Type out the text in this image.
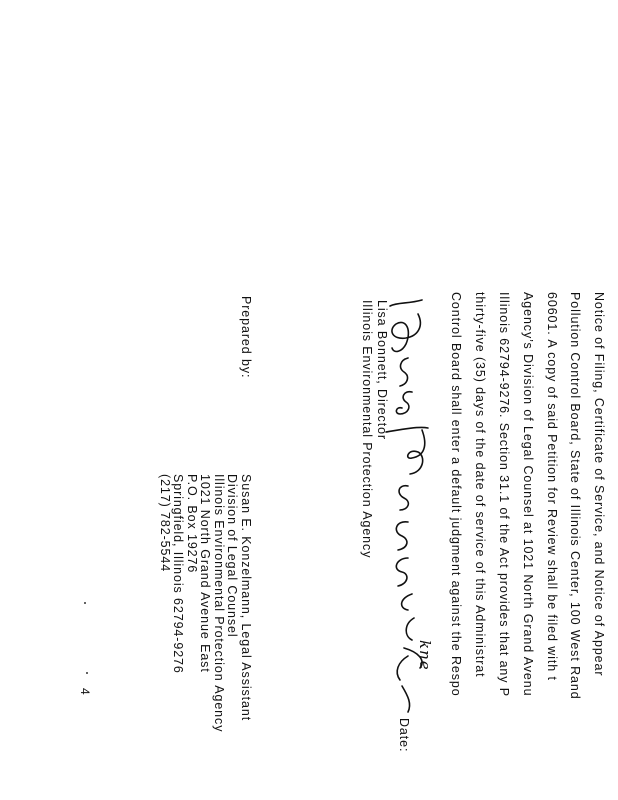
Notice of Filing, Certificate of Service, and Notice of Appear
Pollution Control Board, State of Illinois Center, 100 West Rand
60601. A copy of said Petition for Review shall be filed with t
Agency’s Division of Legal Counsel at 1021 North Grand Avenu
Illinois 62794-9276. Section 31.1 of the Act provides that any P
thirty-five (35) days of the date of service of this Administrat
Control Board shall enter a default judgment against the Respo
Date:
kne
Lisa Bonnett, Director
Illinois Environmental Protection Agency
Prepared by:
Susan E. Konzelmann, Legal Assistant
Division of Legal Counsel
Illinois Environmental Protection Agency
1021 North Grand Avenue East
P.O. Box 19276
Springfield, Illinois 62794-9276
(217) 782-5544
4
